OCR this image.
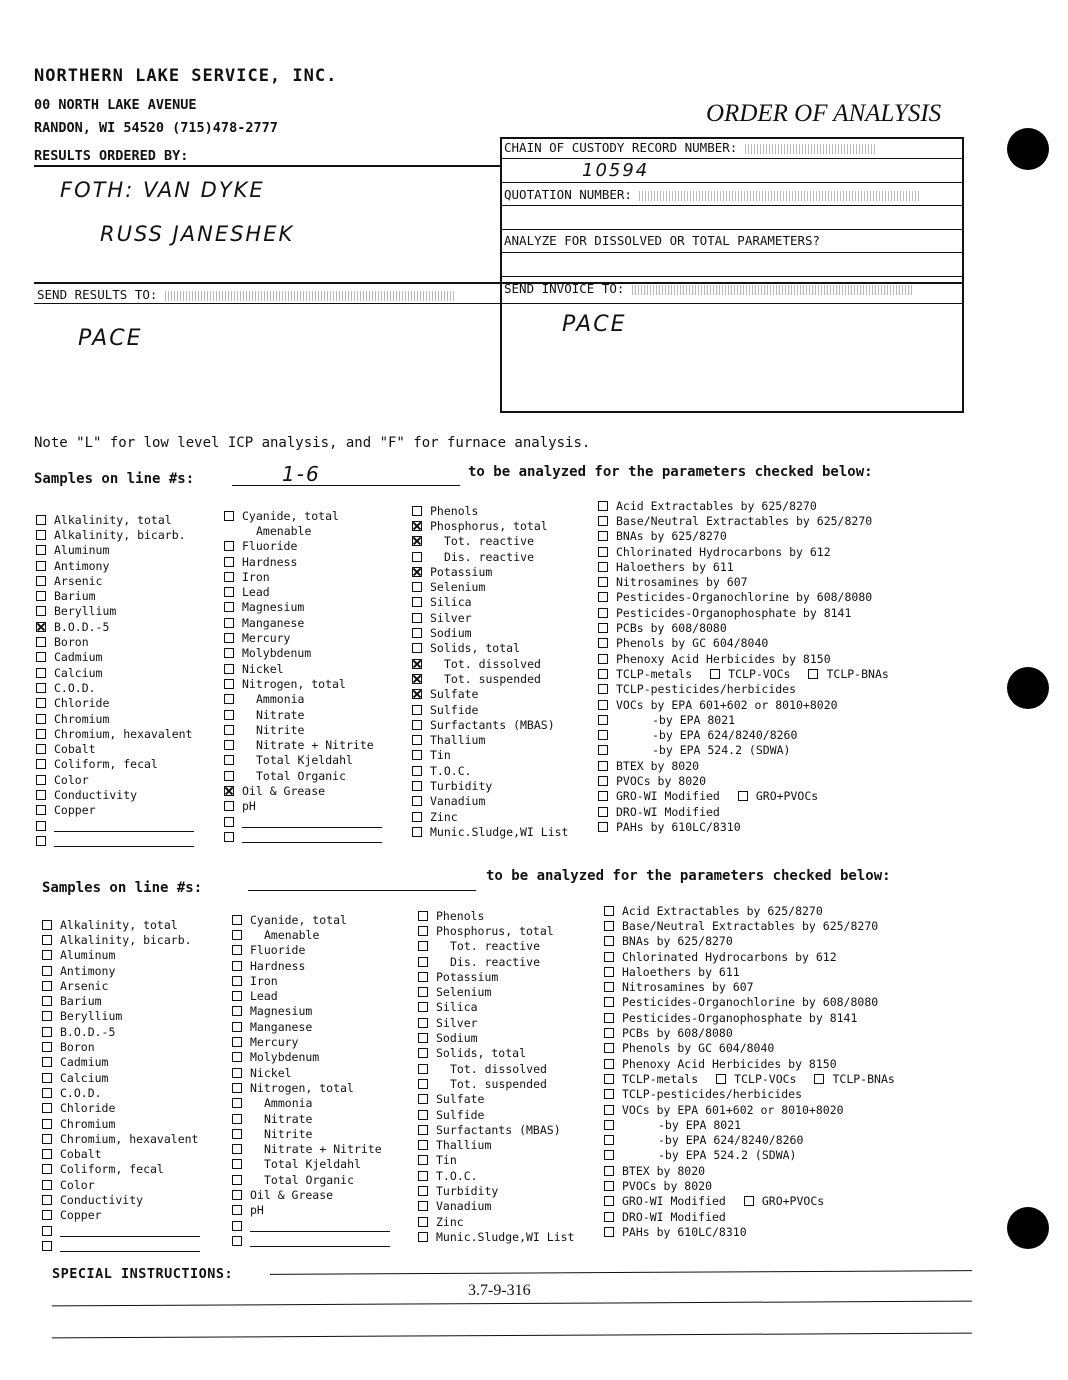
NORTHERN LAKE SERVICE, INC.
00 NORTH LAKE AVENUE
RANDON, WI 54520 (715)478-2777
ORDER OF ANALYSIS
RESULTS ORDERED BY:
CHAIN OF CUSTODY RECORD NUMBER:
10594
QUOTATION NUMBER:
ANALYZE FOR DISSOLVED OR TOTAL PARAMETERS?
SEND RESULTS TO:	SEND INVOICE TO:
FOTH: VAN DYKE
RUSS JANESHEK
PACE
PACE
Note "L" for low level ICP analysis, and "F" for furnace analysis.
Samples on line #s:	1-6	to be analyzed for the parameters checked below:
Alkalinity, total
Alkalinity, bicarb.
Aluminum
Antimony
Arsenic
Barium
Beryllium
B.O.D.-5
Boron
Cadmium
Calcium
C.O.D.
Chloride
Chromium
Chromium, hexavalent
Cobalt
Coliform, fecal
Color
Conductivity
Copper
Cyanide, total
Amenable
Fluoride
Hardness
Iron
Lead
Magnesium
Manganese
Mercury
Molybdenum
Nickel
Nitrogen, total
Ammonia
Nitrate
Nitrite
Nitrate + Nitrite
Total Kjeldahl
Total Organic
Oil & Grease
pH
Phenols
Phosphorus, total
Tot. reactive
Dis. reactive
Potassium
Selenium
Silica
Silver
Sodium
Solids, total
Tot. dissolved
Tot. suspended
Sulfate
Sulfide
Surfactants (MBAS)
Thallium
Tin
T.O.C.
Turbidity
Vanadium
Zinc
Munic.Sludge,WI List
Acid Extractables by 625/8270
Base/Neutral Extractables by 625/8270
BNAs by 625/8270
Chlorinated Hydrocarbons by 612
Haloethers by 611
Nitrosamines by 607
Pesticides-Organochlorine by 608/8080
Pesticides-Organophosphate by 8141
PCBs by 608/8080
Phenols by GC 604/8040
Phenoxy Acid Herbicides by 8150
TCLP-metals	TCLP-VOCs	TCLP-BNAs
TCLP-pesticides/herbicides
VOCs by EPA 601+602 or 8010+8020
-by EPA 8021
-by EPA 624/8240/8260
-by EPA 524.2 (SDWA)
BTEX by 8020
PVOCs by 8020
GRO-WI Modified	GRO+PVOCs
DRO-WI Modified
PAHs by 610LC/8310
Samples on line #s:
to be analyzed for the parameters checked below:
Alkalinity, total
Alkalinity, bicarb.
Aluminum
Antimony
Arsenic
Barium
Beryllium
B.O.D.-5
Boron
Cadmium
Calcium
C.O.D.
Chloride
Chromium
Chromium, hexavalent
Cobalt
Coliform, fecal
Color
Conductivity
Copper
Cyanide, total
Amenable
Fluoride
Hardness
Iron
Lead
Magnesium
Manganese
Mercury
Molybdenum
Nickel
Nitrogen, total
Ammonia
Nitrate
Nitrite
Nitrate + Nitrite
Total Kjeldahl
Total Organic
Oil & Grease
pH
Phenols
Phosphorus, total
Tot. reactive
Dis. reactive
Potassium
Selenium
Silica
Silver
Sodium
Solids, total
Tot. dissolved
Tot. suspended
Sulfate
Sulfide
Surfactants (MBAS)
Thallium
Tin
T.O.C.
Turbidity
Vanadium
Zinc
Munic.Sludge,WI List
Acid Extractables by 625/8270
Base/Neutral Extractables by 625/8270
BNAs by 625/8270
Chlorinated Hydrocarbons by 612
Haloethers by 611
Nitrosamines by 607
Pesticides-Organochlorine by 608/8080
Pesticides-Organophosphate by 8141
PCBs by 608/8080
Phenols by GC 604/8040
Phenoxy Acid Herbicides by 8150
TCLP-metals	TCLP-VOCs	TCLP-BNAs
TCLP-pesticides/herbicides
VOCs by EPA 601+602 or 8010+8020
-by EPA 8021
-by EPA 624/8240/8260
-by EPA 524.2 (SDWA)
BTEX by 8020
PVOCs by 8020
GRO-WI Modified	GRO+PVOCs
DRO-WI Modified
PAHs by 610LC/8310
SPECIAL INSTRUCTIONS:
3.7-9-316
